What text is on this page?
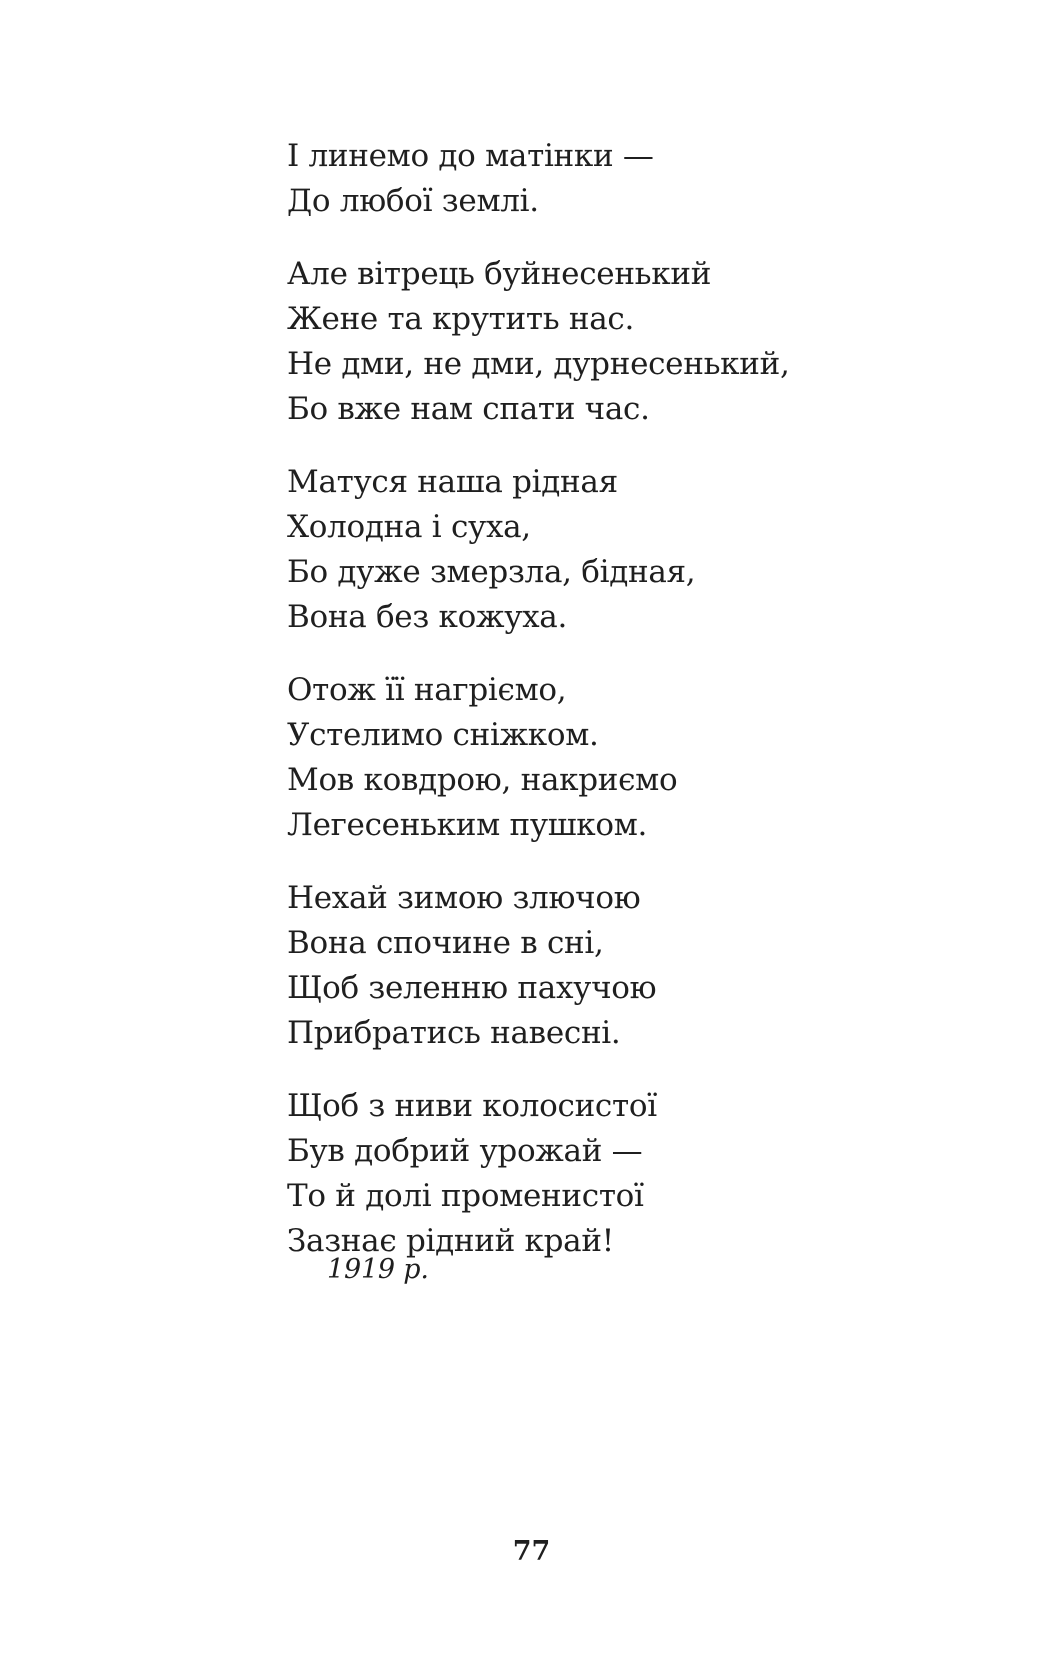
І линемо до матінки —
До любої землі.
Але вітрець буйнесенький
Жене та крутить нас.
Не дми, не дми, дурнесенький,
Бо вже нам спати час.
Матуся наша рідная
Холодна і суха,
Бо дуже змерзла, бідная,
Вона без кожуха.
Отож її нагріємо,
Устелимо сніжком.
Мов ковдрою, накриємо
Легесеньким пушком.
Нехай зимою злючою
Вона спочине в сні,
Щоб зеленню пахучою
Прибратись навесні.
Щоб з ниви колосистої
Був добрий урожай —
То й долі променистої
Зазнає рідний край!
1919 р.
77
